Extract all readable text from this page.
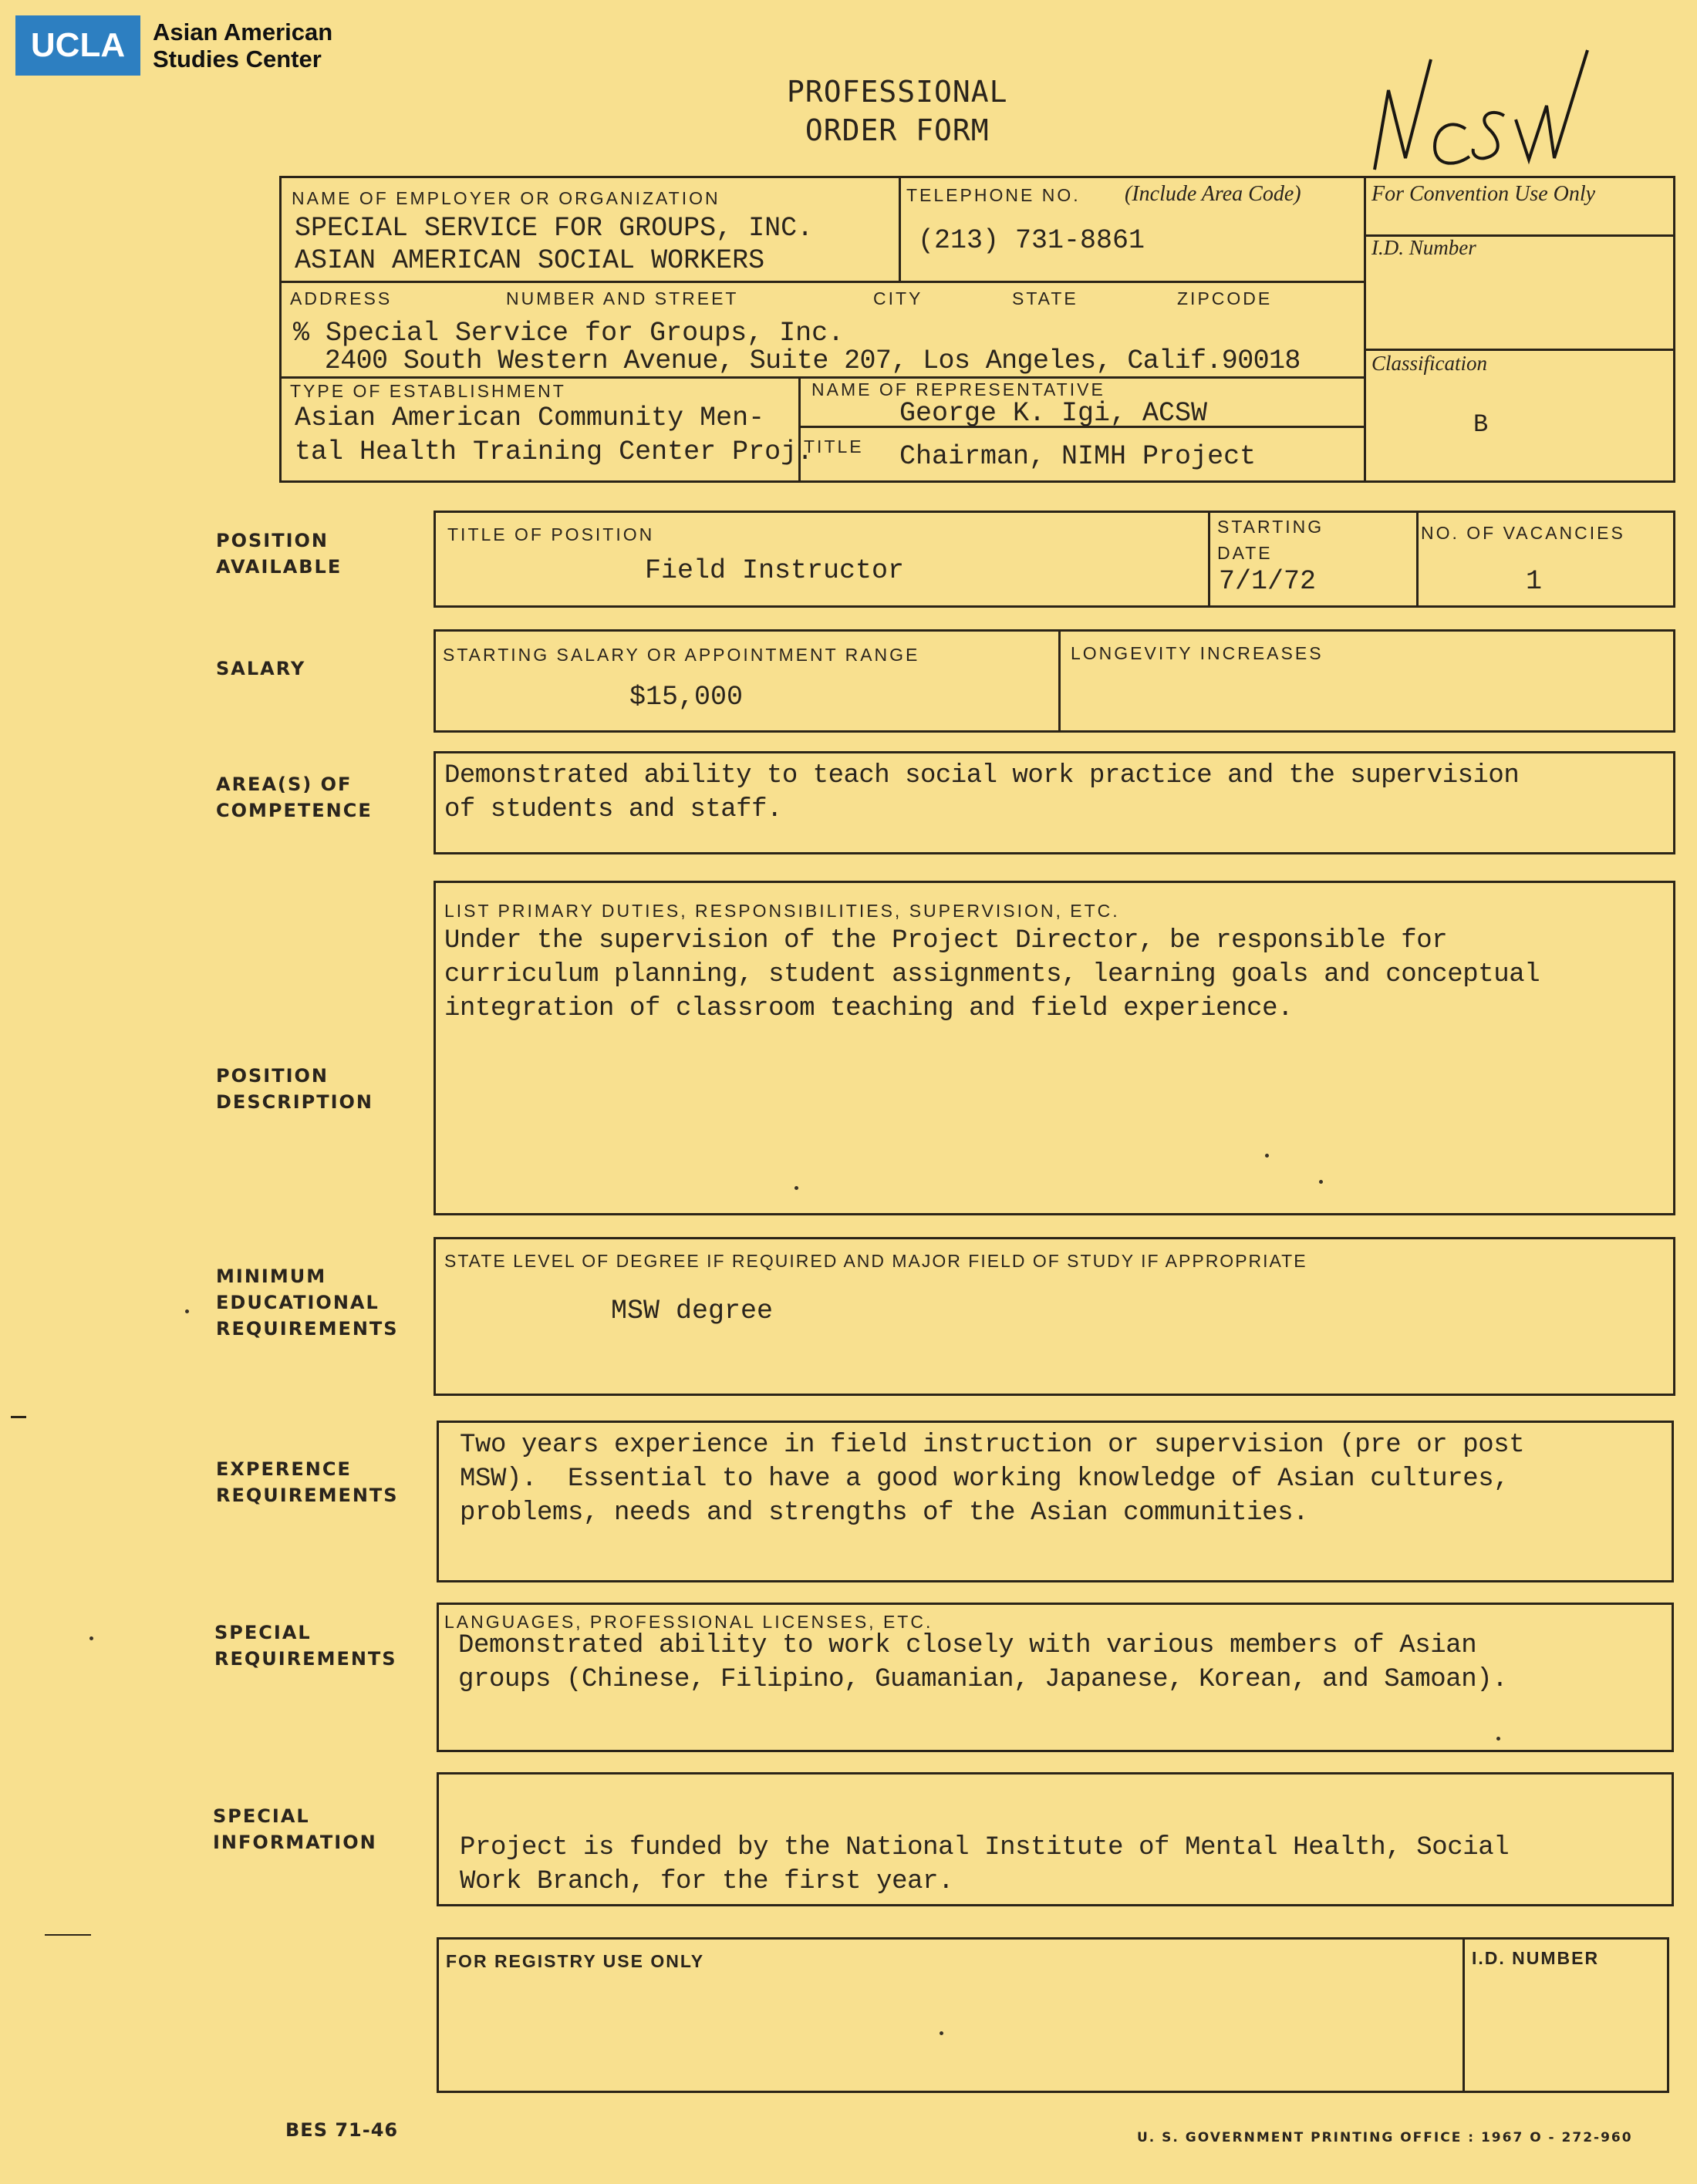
UCLA	Asian American
Studies Center
PROFESSIONAL
ORDER FORM
NCSW
NAME OF EMPLOYER OR ORGANIZATION
SPECIAL SERVICE FOR GROUPS, INC.
ASIAN AMERICAN SOCIAL WORKERS
TELEPHONE NO. (Include Area Code)
(213) 731-8861
For Convention Use Only
I.D. Number
Classification
B
ADDRESS	NUMBER AND STREET	CITY	STATE	ZIPCODE
% Special Service for Groups, Inc.
2400 South Western Avenue, Suite 207, Los Angeles, Calif.90018
TYPE OF ESTABLISHMENT
Asian American Community Men-
tal Health Training Center Proj.
NAME OF REPRESENTATIVE
George K. Igi, ACSW
TITLE Chairman, NIMH Project
POSITION
AVAILABLE
TITLE OF POSITION
Field Instructor
STARTING
DATE
7/1/72
NO. OF VACANCIES
1
SALARY
STARTING SALARY OR APPOINTMENT RANGE
$15,000
LONGEVITY INCREASES
AREA(S) OF
COMPETENCE
Demonstrated ability to teach social work practice and the supervision
of students and staff.
POSITION
DESCRIPTION
LIST PRIMARY DUTIES, RESPONSIBILITIES, SUPERVISION, ETC.
Under the supervision of the Project Director, be responsible for
curriculum planning, student assignments, learning goals and conceptual
integration of classroom teaching and field experience.
MINIMUM
EDUCATIONAL
REQUIREMENTS
STATE LEVEL OF DEGREE IF REQUIRED AND MAJOR FIELD OF STUDY IF APPROPRIATE
MSW degree
EXPERENCE
REQUIREMENTS
Two years experience in field instruction or supervision (pre or post
MSW).  Essential to have a good working knowledge of Asian cultures,
problems, needs and strengths of the Asian communities.
SPECIAL
REQUIREMENTS
LANGUAGES, PROFESSIONAL LICENSES, ETC.
Demonstrated ability to work closely with various members of Asian
groups (Chinese, Filipino, Guamanian, Japanese, Korean, and Samoan).
SPECIAL
INFORMATION	Project is funded by the National Institute of Mental Health, Social
Work Branch, for the first year.
FOR REGISTRY USE ONLY	I.D. NUMBER
BES 71-46	U. S. GOVERNMENT PRINTING OFFICE : 1967 O - 272-960
